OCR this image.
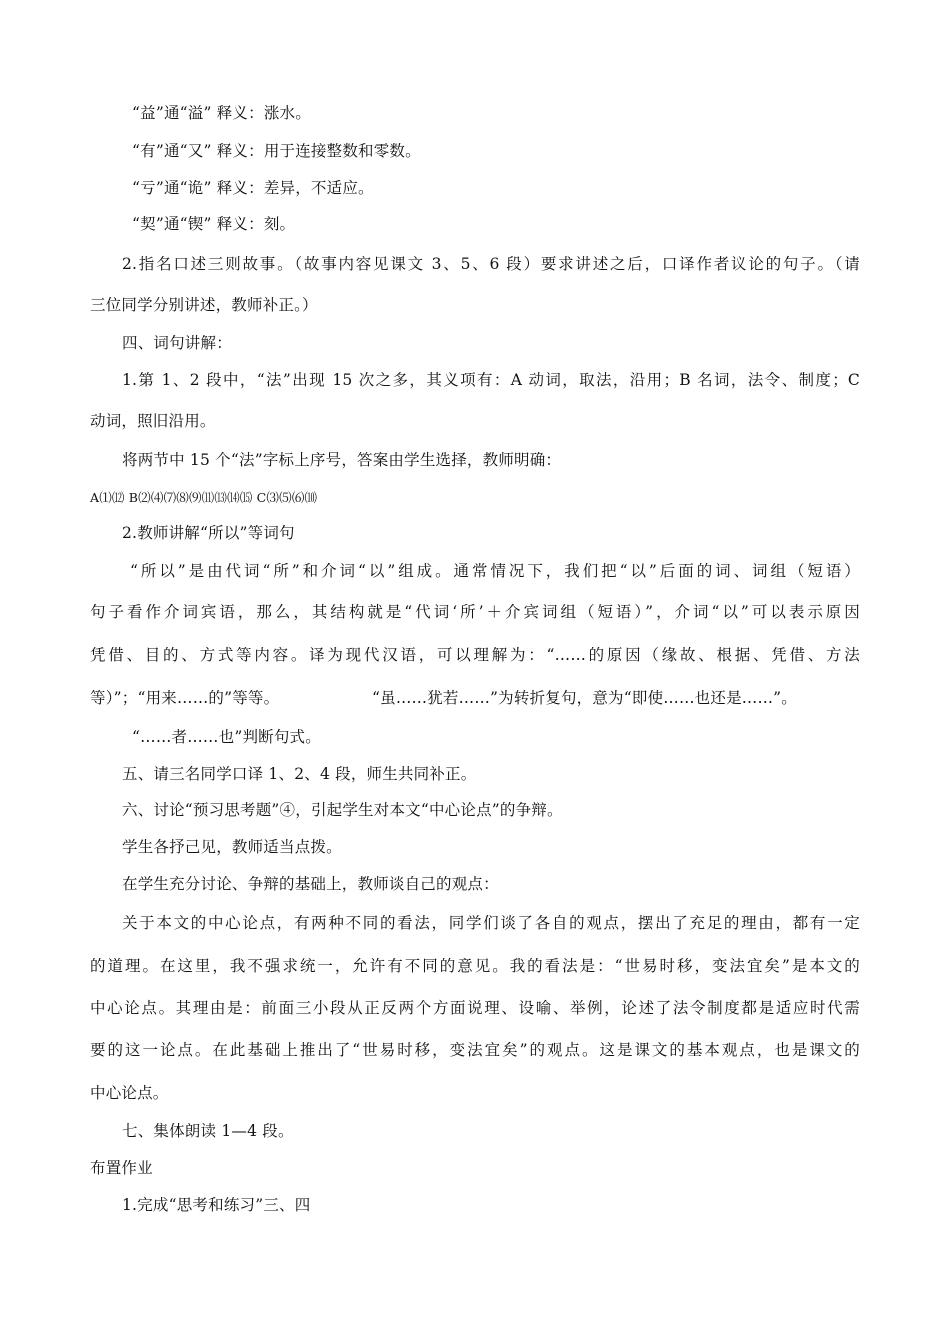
“益”通“溢” 释义：涨水。
“有”通“又” 释义：用于连接整数和零数。
“亏”通“诡” 释义：差异，不适应。
“契”通“锲” 释义：刻。
2.指名口述三则故事。（故事内容见课文 3、5、6 段）要求讲述之后，口译作者议论的句子。（请
三位同学分别讲述，教师补正。）
四、词句讲解：
1.第 1、2 段中，“法”出现 15 次之多，其义项有：A 动词，取法，沿用；B 名词，法令、制度；C
动词，照旧沿用。
将两节中 15 个“法”字标上序号，答案由学生选择，教师明确：
A⑴⑿ B⑵⑷⑺⑻⑼⑾⒀⒁⒂ C⑶⑸⑹⑽
2.教师讲解“所以”等词句
“所以”是由代词“所”和介词“以”组成。通常情况下，我们把“以”后面的词、词组（短语）
句子看作介词宾语，那么，其结构就是“代词‘所’＋介宾词组（短语）”，介词“以”可以表示原因
凭借、目的、方式等内容。译为现代汉语，可以理解为：“……的原因（缘故、根据、凭借、方法
等）”；“用来……的”等等。	“虽……犹若……”为转折复句，意为“即使……也还是……”。
“……者……也”判断句式。
五、请三名同学口译 1、2、4 段，师生共同补正。
六、讨论“预习思考题”④，引起学生对本文“中心论点”的争辩。
学生各抒己见，教师适当点拨。
在学生充分讨论、争辩的基础上，教师谈自己的观点：
关于本文的中心论点，有两种不同的看法，同学们谈了各自的观点，摆出了充足的理由，都有一定
的道理。在这里，我不强求统一，允许有不同的意见。我的看法是：“世易时移，变法宜矣”是本文的
中心论点。其理由是：前面三小段从正反两个方面说理、设喻、举例，论述了法令制度都是适应时代需
要的这一论点。在此基础上推出了“世易时移，变法宜矣”的观点。这是课文的基本观点，也是课文的
中心论点。
七、集体朗读 1—4 段。
布置作业
1.完成“思考和练习”三、四
